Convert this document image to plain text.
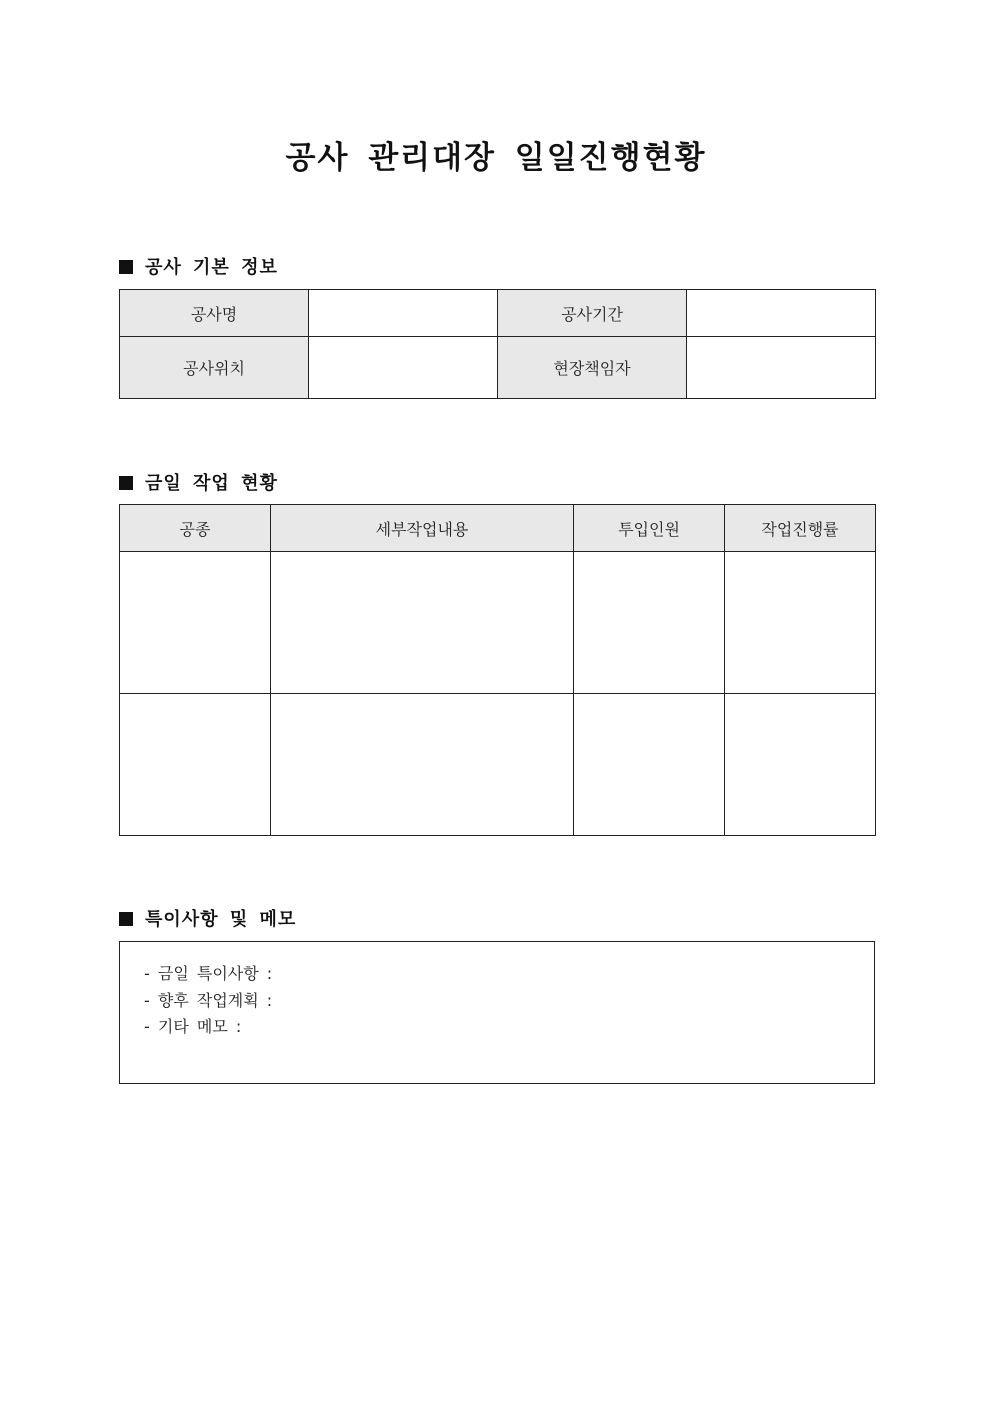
공사 관리대장 일일진행현황
공사 기본 정보
공사명		공사기간	
공사위치		현장책임자	
금일 작업 현황
공종	세부작업내용	투입인원	작업진행률

특이사항 및 메모
- 금일 특이사항 :
- 향후 작업계획 :
- 기타 메모 :
